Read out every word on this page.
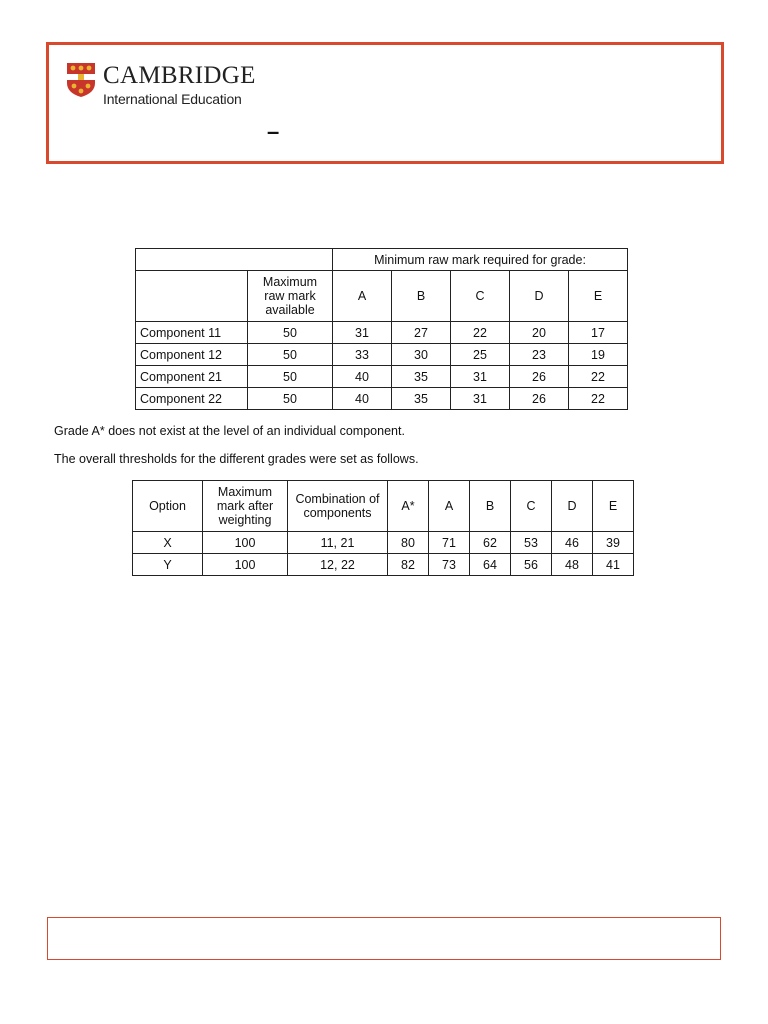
CAMBRIDGE
International Education
–
		Minimum raw mark required for grade:				
	Maximum raw mark available	A	B	C	D	E
Component 11	50	31	27	22	20	17
Component 12	50	33	30	25	23	19
Component 21	50	40	35	31	26	22
Component 22	50	40	35	31	26	22
Grade A* does not exist at the level of an individual component.
The overall thresholds for the different grades were set as follows.
Option	Maximum mark after weighting	Combination of components	A*	A	B	C	D	E
X	100	11, 21	80	71	62	53	46	39
Y	100	12, 22	82	73	64	56	48	41
